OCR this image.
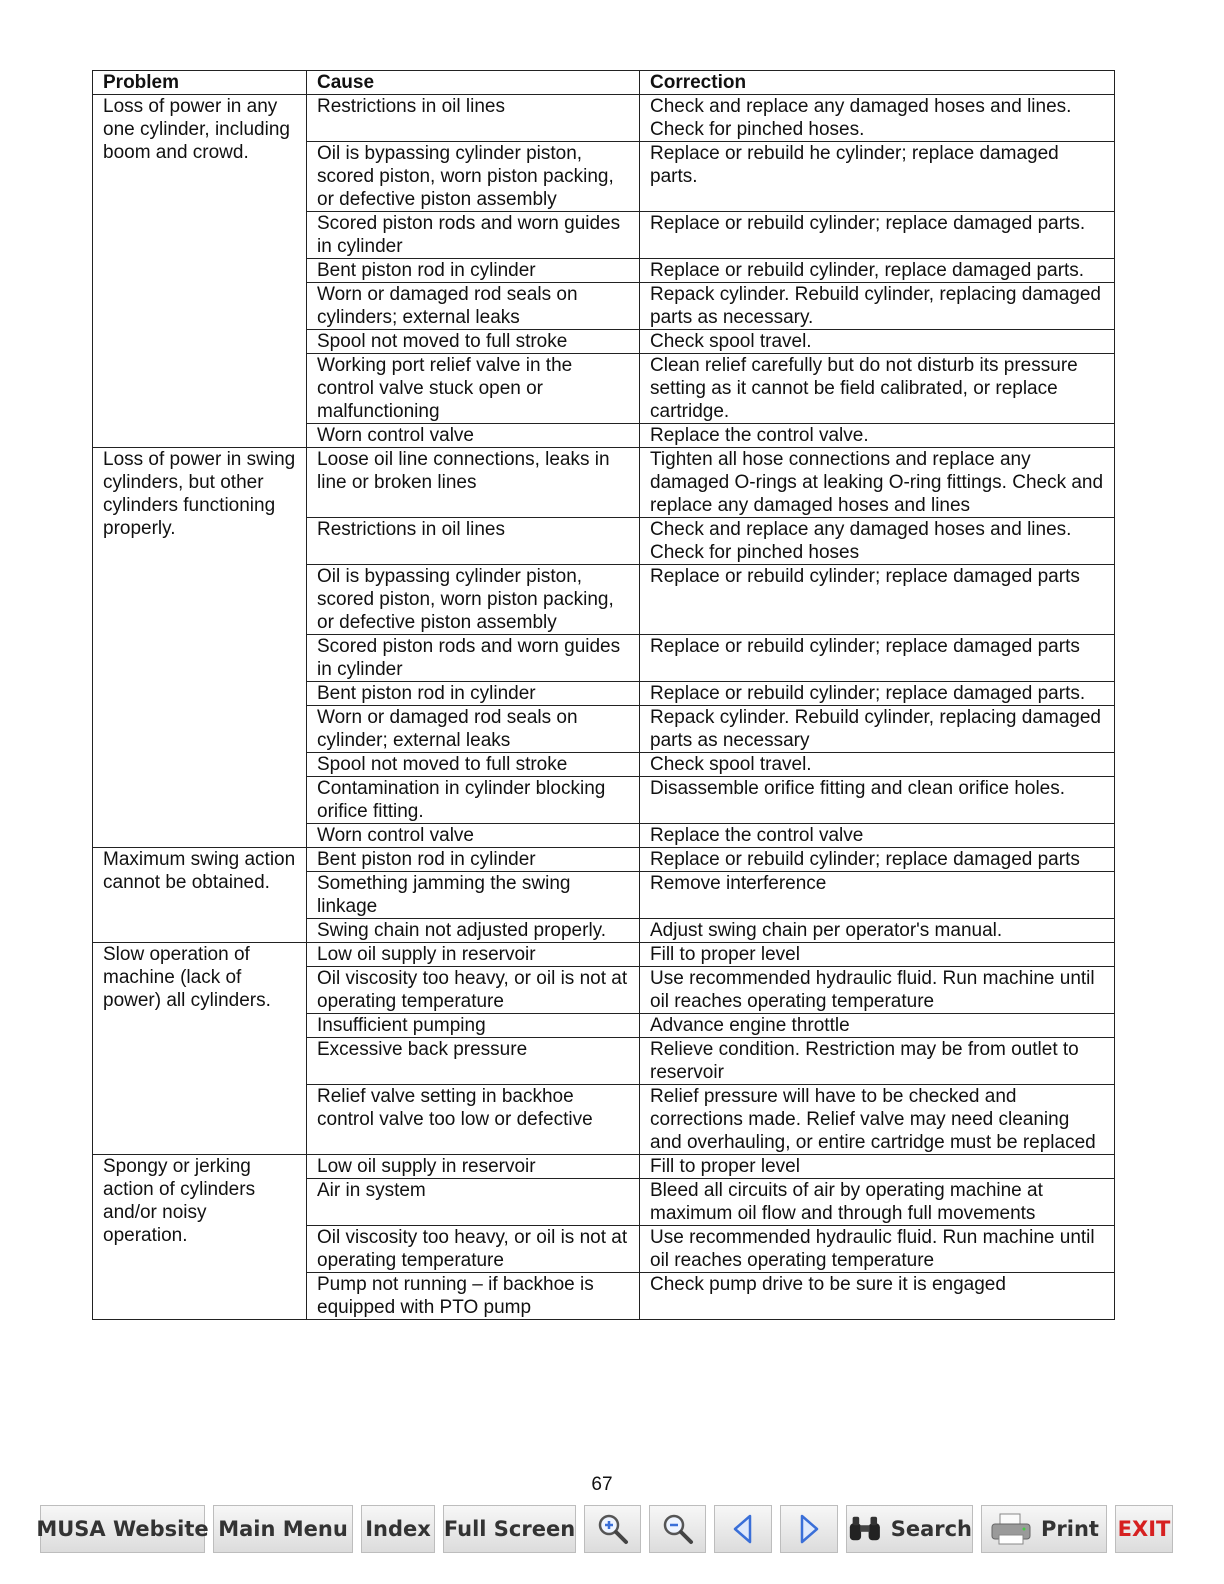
Problem	Cause	Correction
Loss of power in any one cylinder, including boom and crowd.	Restrictions in oil lines	Check and replace any damaged hoses and lines. Check for pinched hoses.
	Oil is bypassing cylinder piston, scored piston, worn piston packing, or defective piston assembly	Replace or rebuild he cylinder; replace damaged parts.
	Scored piston rods and worn guides in cylinder	Replace or rebuild cylinder; replace damaged parts.
	Bent piston rod in cylinder	Replace or rebuild cylinder, replace damaged parts.
	Worn or damaged rod seals on cylinders; external leaks	Repack cylinder. Rebuild cylinder, replacing damaged parts as necessary.
	Spool not moved to full stroke	Check spool travel.
	Working port relief valve in the control valve stuck open or malfunctioning	Clean relief carefully but do not disturb its pressure setting as it cannot be field calibrated, or replace cartridge.
	Worn control valve	Replace the control valve.
Loss of power in swing cylinders, but other cylinders functioning properly.	Loose oil line connections, leaks in line or broken lines	Tighten all hose connections and replace any damaged O-rings at leaking O-ring fittings. Check and replace any damaged hoses and lines
	Restrictions in oil lines	Check and replace any damaged hoses and lines. Check for pinched hoses
	Oil is bypassing cylinder piston, scored piston, worn piston packing, or defective piston assembly	Replace or rebuild cylinder; replace damaged parts
	Scored piston rods and worn guides in cylinder	Replace or rebuild cylinder; replace damaged parts
	Bent piston rod in cylinder	Replace or rebuild cylinder; replace damaged parts.
	Worn or damaged rod seals on cylinder; external leaks	Repack cylinder. Rebuild cylinder, replacing damaged parts as necessary
	Spool not moved to full stroke	Check spool travel.
	Contamination in cylinder blocking orifice fitting.	Disassemble orifice fitting and clean orifice holes.
	Worn control valve	Replace the control valve
Maximum swing action cannot be obtained.	Bent piston rod in cylinder	Replace or rebuild cylinder; replace damaged parts
	Something jamming the swing linkage	Remove interference
	Swing chain not adjusted properly.	Adjust swing chain per operator's manual.
Slow operation of machine (lack of power) all cylinders.	Low oil supply in reservoir	Fill to proper level
	Oil viscosity too heavy, or oil is not at operating temperature	Use recommended hydraulic fluid. Run machine until oil reaches operating temperature
	Insufficient pumping	Advance engine throttle
	Excessive back pressure	Relieve condition. Restriction may be from outlet to reservoir
	Relief valve setting in backhoe control valve too low or defective	Relief pressure will have to be checked and corrections made. Relief valve may need cleaning and overhauling, or entire cartridge must be replaced
Spongy or jerking action of cylinders and/or noisy operation.	Low oil supply in reservoir	Fill to proper level
	Air in system	Bleed all circuits of air by operating machine at maximum oil flow and through full movements
	Oil viscosity too heavy, or oil is not at operating temperature	Use recommended hydraulic fluid. Run machine until oil reaches operating temperature
	Pump not running – if backhoe is equipped with PTO pump	Check pump drive to be sure it is engaged
67
MUSA Website Main Menu Index Full Screen	Search	Print EXIT
